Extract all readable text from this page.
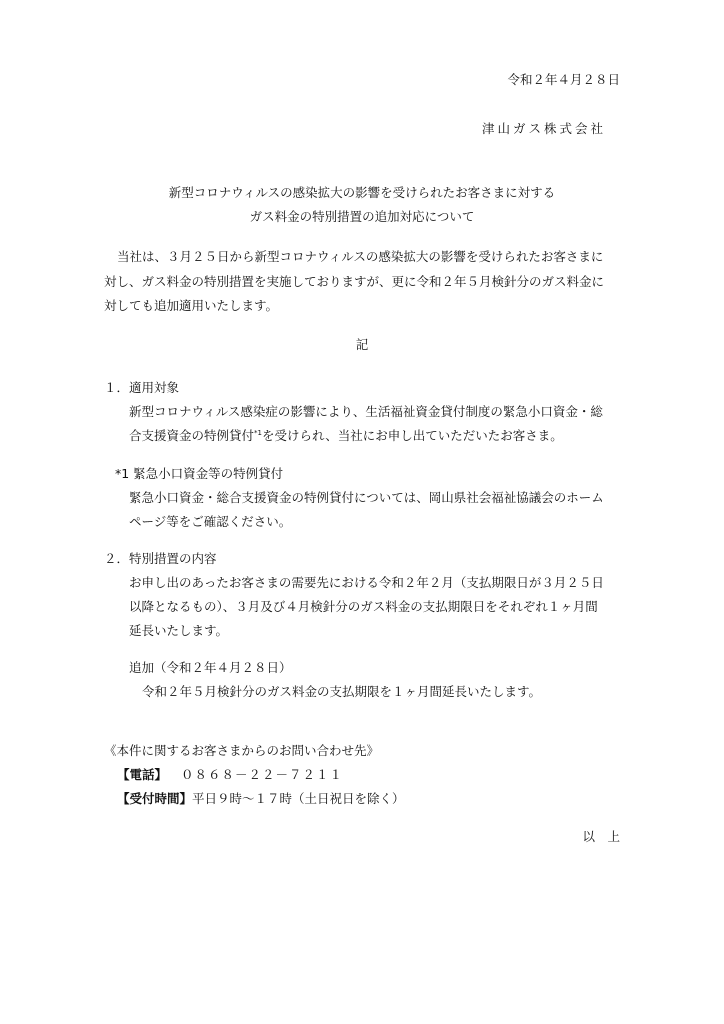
令和２年４月２８日
津山ガス株式会社
新型コロナウィルスの感染拡大の影響を受けられたお客さまに対する
ガス料金の特別措置の追加対応について
当社は、３月２５日から新型コロナウィルスの感染拡大の影響を受けられたお客さまに
対し、ガス料金の特別措置を実施しておりますが、更に令和２年５月検針分のガス料金に
対しても追加適用いたします。
記
１．適用対象
新型コロナウィルス感染症の影響により、生活福祉資金貸付制度の緊急小口資金・総
合支援資金の特例貸付$^{*1}$を受けられ、当社にお申し出ていただいたお客さま。
*1 緊急小口資金等の特例貸付
緊急小口資金・総合支援資金の特例貸付については、岡山県社会福祉協議会のホーム
ページ等をご確認ください。
２．特別措置の内容
お申し出のあったお客さまの需要先における令和２年２月（支払期限日が３月２５日
以降となるもの）、３月及び４月検針分のガス料金の支払期限日をそれぞれ１ヶ月間
延長いたします。
追加（令和２年４月２８日）
令和２年５月検針分のガス料金の支払期限を１ヶ月間延長いたします。
《本件に関するお客さまからのお問い合わせ先》
【電話】 ０８６８－２２－７２１１
【受付時間】平日９時～１７時（土日祝日を除く）
以　上
